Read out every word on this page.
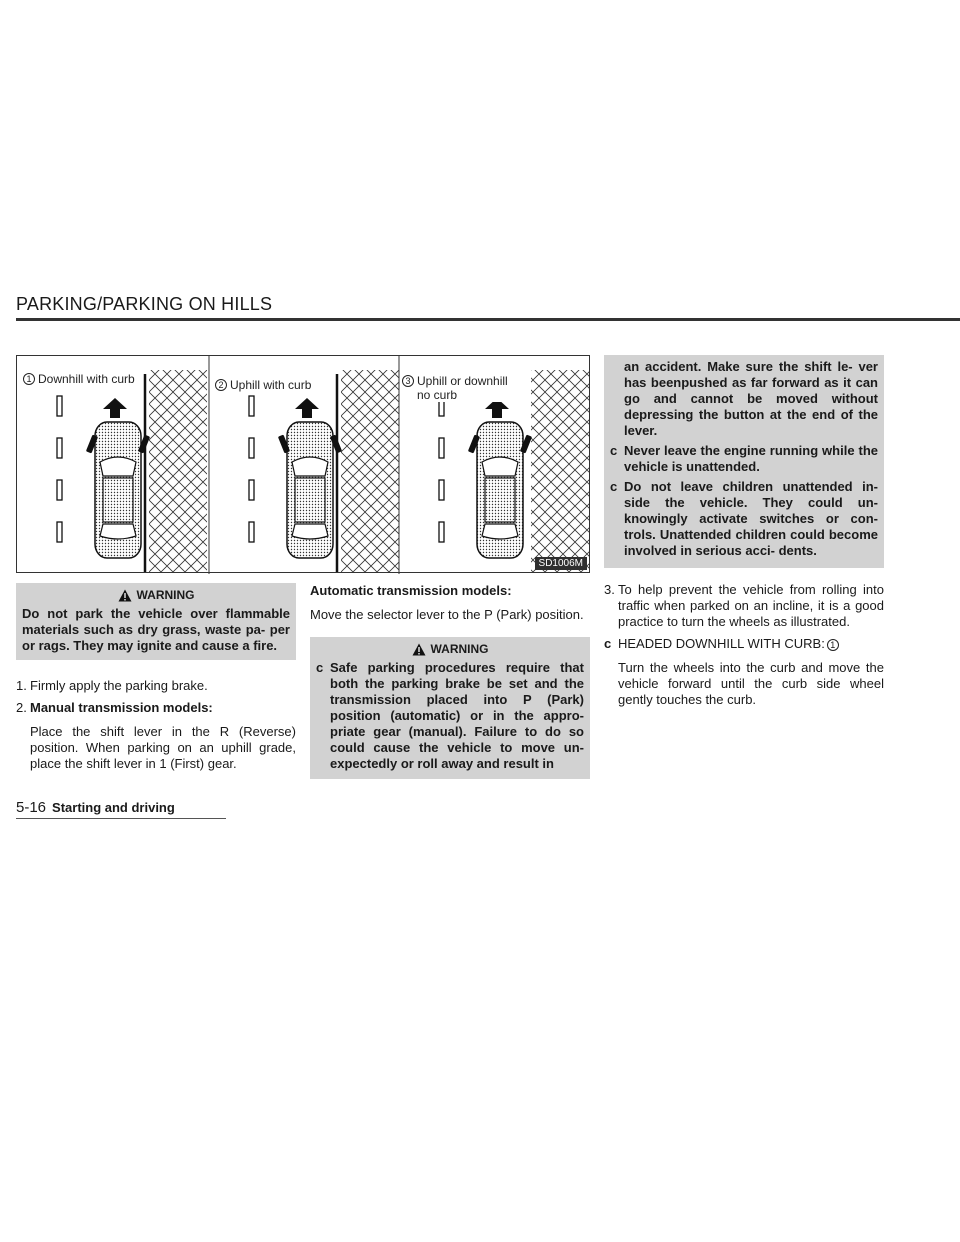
PARKING/PARKING ON HILLS
1 Downhill with curb	2 Uphill with curb	3 Uphill or downhill
no curb
SD1006M
WARNING

Do not park the vehicle over flammable materials such as dry grass, waste pa- per or rags. They may ignite and cause a fire.

1. Firmly apply the parking brake.
2. Manual transmission models:

Place the shift lever in the R (Reverse) position. When parking on an uphill grade, place the shift lever in 1 (First) gear.

Automatic transmission models:

Move the selector lever to the P (Park) position.

WARNING
c Safe parking procedures require that both the parking brake be set and the transmission placed into P (Park) position (automatic) or in the appro- priate gear (manual). Failure to do so could cause the vehicle to move un- expectedly or roll away and result in

an accident. Make sure the shift le- ver has beenpushed as far forward as it can go and cannot be moved without depressing the button at the end of the lever.

c Never leave the engine running while the vehicle is unattended.
c Do not leave children unattended in- side the vehicle. They could un- knowingly activate switches or con- trols. Unattended children could become involved in serious acci- dents.
3. To help prevent the vehicle from rolling into traffic when parked on an incline, it is a good practice to turn the wheels as illustrated.
c HEADED DOWNHILL WITH CURB: 1

Turn the wheels into the curb and move the vehicle forward until the curb side wheel gently touches the curb.

5-16 Starting and driving
